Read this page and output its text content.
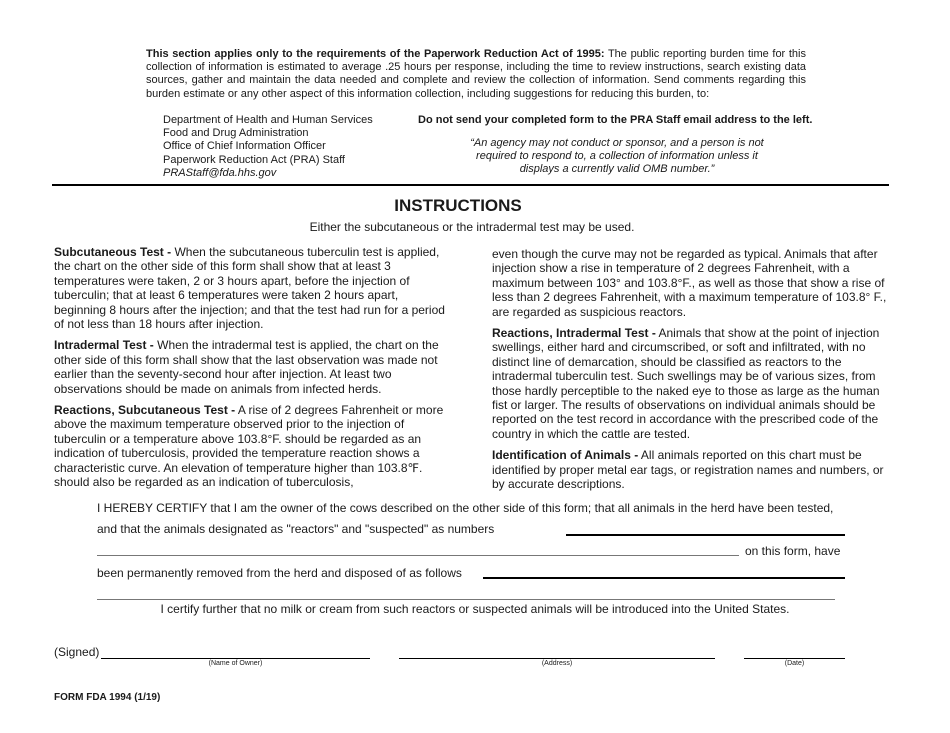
This section applies only to the requirements of the Paperwork Reduction Act of 1995: The public reporting burden time for this collection of information is estimated to average .25 hours per response, including the time to review instructions, search existing data sources, gather and maintain the data needed and complete and review the collection of information. Send comments regarding this burden estimate or any other aspect of this information collection, including suggestions for reducing this burden, to:
Department of Health and Human Services
Food and Drug Administration
Office of Chief Information Officer
Paperwork Reduction Act (PRA) Staff
PRAStaff@fda.hhs.gov
Do not send your completed form to the PRA Staff email address to the left.
“An agency may not conduct or sponsor, and a person is not required to respond to, a collection of information unless it displays a currently valid OMB number.”
INSTRUCTIONS
Either the subcutaneous or the intradermal test may be used.

Subcutaneous Test - When the subcutaneous tuberculin test is applied, the chart on the other side of this form shall show that at least 3 temperatures were taken, 2 or 3 hours apart, before the injection of tuberculin; that at least 6 temperatures were taken 2 hours apart, beginning 8 hours after the injection; and that the test had run for a period of not less than 18 hours after injection.

Intradermal Test - When the intradermal test is applied, the chart on the other side of this form shall show that the last observation was made not earlier than the seventy-second hour after injection. At least two observations should be made on animals from infected herds.

Reactions, Subcutaneous Test - A rise of 2 degrees Fahrenheit or more above the maximum temperature observed prior to the injection of tuberculin or a temperature above 103.8°F. should be regarded as an indication of tuberculosis, provided the temperature reaction shows a characteristic curve. An elevation of temperature higher than 103.8℉. should also be regarded as an indication of tuberculosis,

even though the curve may not be regarded as typical. Animals that after injection show a rise in temperature of 2 degrees Fahrenheit, with a maximum between 103° and 103.8°F., as well as those that show a rise of less than 2 degrees Fahrenheit, with a maximum temperature of 103.8° F., are regarded as suspicious reactors.

Reactions, Intradermal Test - Animals that show at the point of injection swellings, either hard and circumscribed, or soft and infiltrated, with no distinct line of demarcation, should be classified as reactors to the intradermal tuberculin test. Such swellings may be of various sizes, from those hardly perceptible to the naked eye to those as large as the human fist or larger. The results of observations on individual animals should be reported on the test record in accordance with the prescribed code of the country in which the cattle are tested.

Identification of Animals - All animals reported on this chart must be identified by proper metal ear tags, or registration names and numbers, or by accurate descriptions.

I HEREBY CERTIFY that I am the owner of the cows described on the other side of this form; that all animals in the herd have been tested,
and that the animals designated as "reactors" and "suspected" as numbers
on this form, have
been permanently removed from the herd and disposed of as follows
I certify further that no milk or cream from such reactors or suspected animals will be introduced into the United States.
(Signed)
(Name of Owner)	(Address)	(Date)
FORM FDA 1994 (1/19)
